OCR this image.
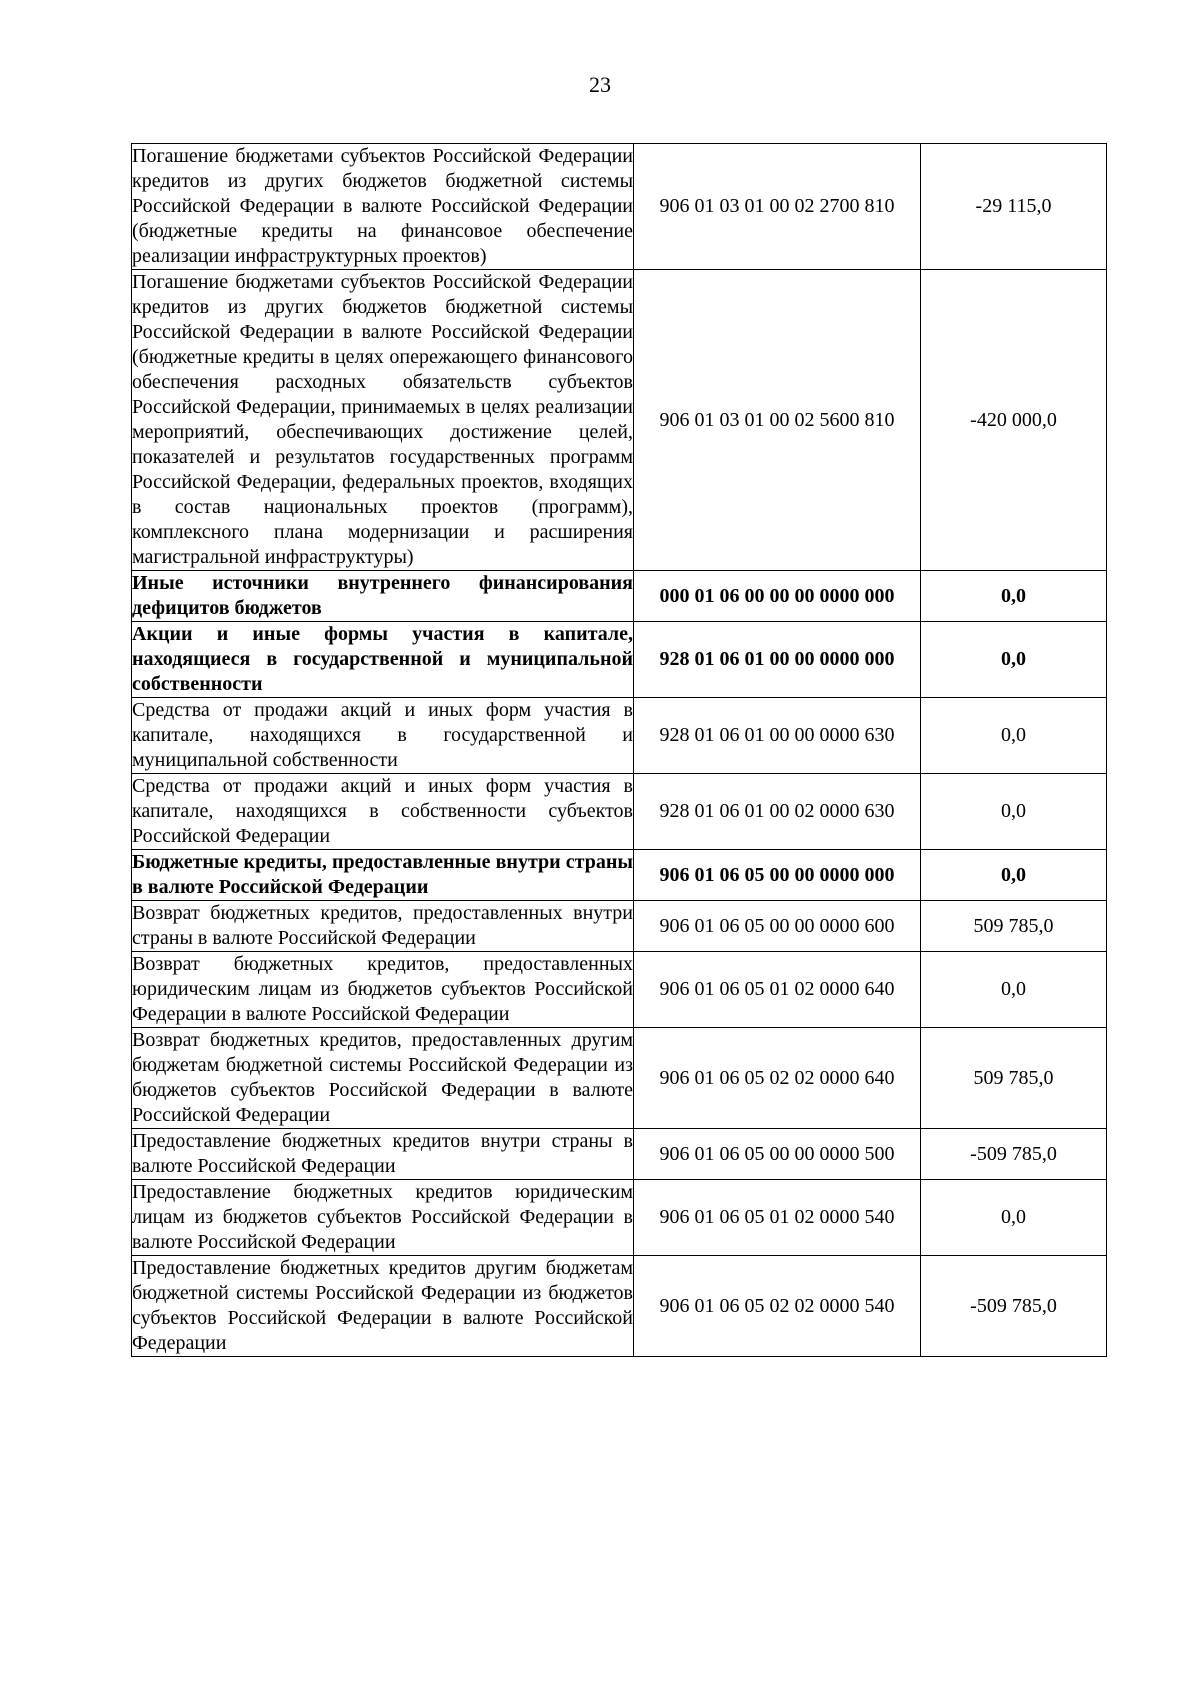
23
Погашение бюджетами субъектов Российской Федерации кредитов из других бюджетов бюджетной системы Российской Федерации в валюте Российской Федерации (бюджетные кредиты на финансовое обеспечение реализации инфраструктурных проектов)	906 01 03 01 00 02 2700 810	-29 115,0
Погашение бюджетами субъектов Российской Федерации кредитов из других бюджетов бюджетной системы Российской Федерации в валюте Российской Федерации (бюджетные кредиты в целях опережающего финансового обеспечения расходных обязательств субъектов Российской Федерации, принимаемых в целях реализации мероприятий, обеспечивающих достижение целей, показателей и результатов государственных программ Российской Федерации, федеральных проектов, входящих в состав национальных проектов (программ), комплексного плана модернизации и расширения магистральной инфраструктуры)	906 01 03 01 00 02 5600 810	-420 000,0
Иные источники внутреннего финансирования дефицитов бюджетов	000 01 06 00 00 00 0000 000	0,0
Акции и иные формы участия в капитале, находящиеся в государственной и муниципальной собственности	928 01 06 01 00 00 0000 000	0,0
Средства от продажи акций и иных форм участия в капитале, находящихся в государственной и муниципальной собственности	928 01 06 01 00 00 0000 630	0,0
Средства от продажи акций и иных форм участия в капитале, находящихся в собственности субъектов Российской Федерации	928 01 06 01 00 02 0000 630	0,0
Бюджетные кредиты, предоставленные внутри страны в валюте Российской Федерации	906 01 06 05 00 00 0000 000	0,0
Возврат бюджетных кредитов, предоставленных внутри страны в валюте Российской Федерации	906 01 06 05 00 00 0000 600	509 785,0
Возврат бюджетных кредитов, предоставленных юридическим лицам из бюджетов субъектов Российской Федерации в валюте Российской Федерации	906 01 06 05 01 02 0000 640	0,0
Возврат бюджетных кредитов, предоставленных другим бюджетам бюджетной системы Российской Федерации из бюджетов субъектов Российской Федерации в валюте Российской Федерации	906 01 06 05 02 02 0000 640	509 785,0
Предоставление бюджетных кредитов внутри страны в валюте Российской Федерации	906 01 06 05 00 00 0000 500	-509 785,0
Предоставление бюджетных кредитов юридическим лицам из бюджетов субъектов Российской Федерации в валюте Российской Федерации	906 01 06 05 01 02 0000 540	0,0
Предоставление бюджетных кредитов другим бюджетам бюджетной системы Российской Федерации из бюджетов субъектов Российской Федерации в валюте Российской Федерации	906 01 06 05 02 02 0000 540	-509 785,0
